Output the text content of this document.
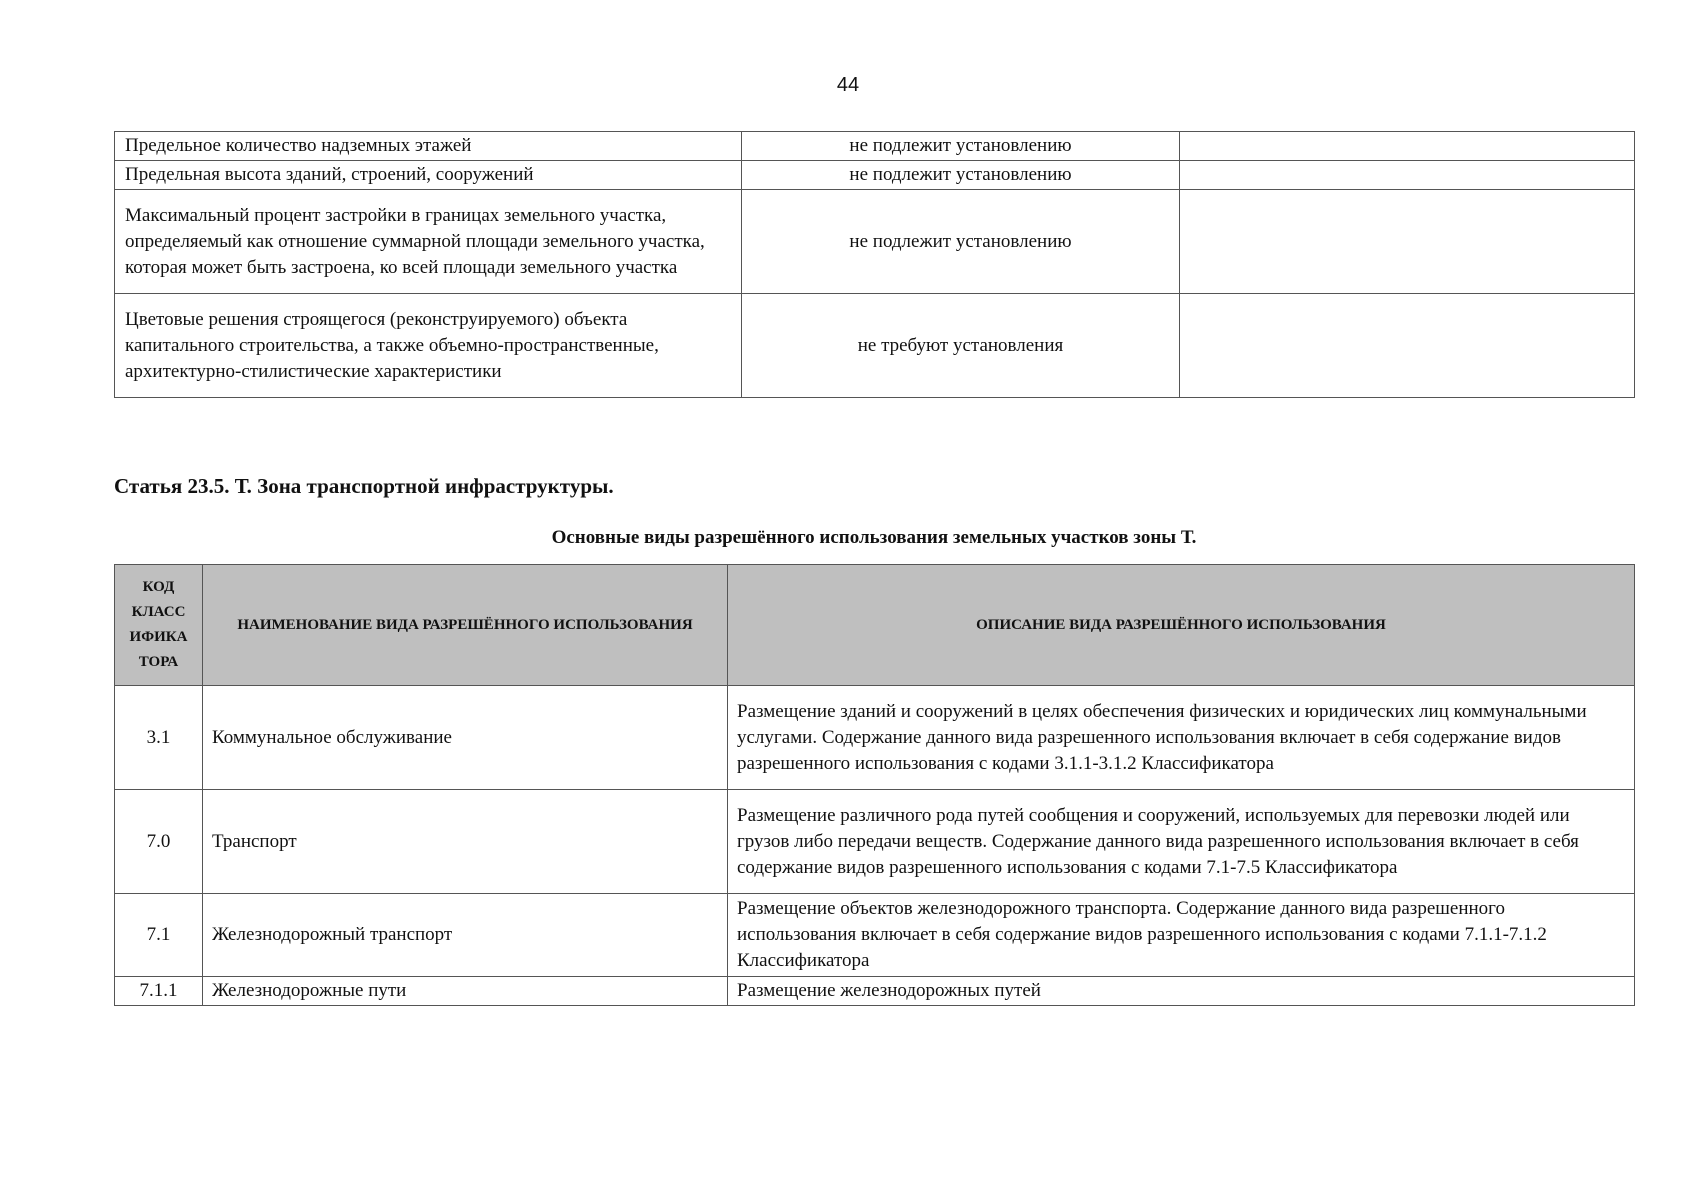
44
Предельное количество надземных этажей	не подлежит установлению	
Предельная высота зданий, строений, сооружений	не подлежит установлению	
Максимальный процент застройки в границах земельного участка, определяемый как отношение суммарной площади земельного участка, которая может быть застроена, ко всей площади земельного участка	не подлежит установлению	
Цветовые решения строящегося (реконструируемого) объекта капитального строительства, а также объемно-пространственные, архитектурно-стилистические характеристики	не требуют установления	
Статья 23.5. Т. Зона транспортной инфраструктуры.
Основные виды разрешённого использования земельных участков зоны Т.
КОД КЛАСС ИФИКА ТОРА	НАИМЕНОВАНИЕ ВИДА РАЗРЕШЁННОГО ИСПОЛЬЗОВАНИЯ	ОПИСАНИЕ ВИДА РАЗРЕШЁННОГО ИСПОЛЬЗОВАНИЯ
3.1	Коммунальное обслуживание	Размещение зданий и сооружений в целях обеспечения физических и юридических лиц коммунальными услугами. Содержание данного вида разрешенного использования включает в себя содержание видов разрешенного использования с кодами 3.1.1-3.1.2 Классификатора
7.0	Транспорт	Размещение различного рода путей сообщения и сооружений, используемых для перевозки людей или грузов либо передачи веществ. Содержание данного вида разрешенного использования включает в себя содержание видов разрешенного использования с кодами 7.1-7.5 Классификатора
7.1	Железнодорожный транспорт	Размещение объектов железнодорожного транспорта. Содержание данного вида разрешенного использования включает в себя содержание видов разрешенного использования с кодами 7.1.1-7.1.2 Классификатора
7.1.1	Железнодорожные пути	Размещение железнодорожных путей
